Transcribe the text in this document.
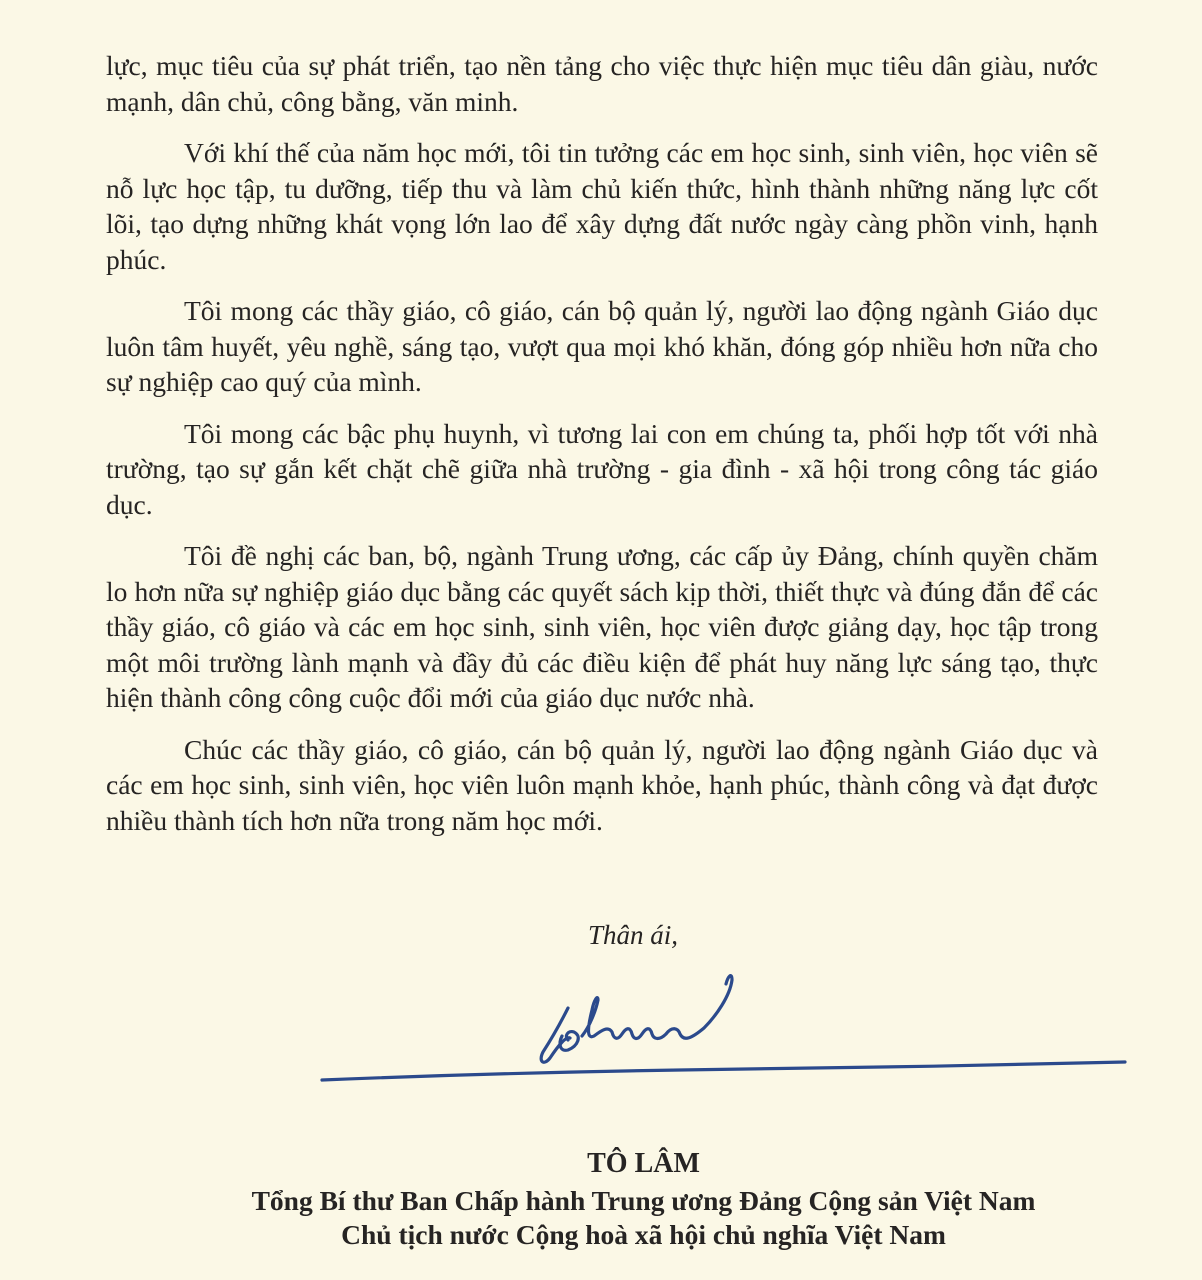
lực, mục tiêu của sự phát triển, tạo nền tảng cho việc thực hiện mục tiêu dân giàu, nước mạnh, dân chủ, công bằng, văn minh.

Với khí thế của năm học mới, tôi tin tưởng các em học sinh, sinh viên, học viên sẽ nỗ lực học tập, tu dưỡng, tiếp thu và làm chủ kiến thức, hình thành những năng lực cốt lõi, tạo dựng những khát vọng lớn lao để xây dựng đất nước ngày càng phồn vinh, hạnh phúc.

Tôi mong các thầy giáo, cô giáo, cán bộ quản lý, người lao động ngành Giáo dục luôn tâm huyết, yêu nghề, sáng tạo, vượt qua mọi khó khăn, đóng góp nhiều hơn nữa cho sự nghiệp cao quý của mình.

Tôi mong các bậc phụ huynh, vì tương lai con em chúng ta, phối hợp tốt với nhà trường, tạo sự gắn kết chặt chẽ giữa nhà trường - gia đình - xã hội trong công tác giáo dục.

Tôi đề nghị các ban, bộ, ngành Trung ương, các cấp ủy Đảng, chính quyền chăm lo hơn nữa sự nghiệp giáo dục bằng các quyết sách kịp thời, thiết thực và đúng đắn để các thầy giáo, cô giáo và các em học sinh, sinh viên, học viên được giảng dạy, học tập trong một môi trường lành mạnh và đầy đủ các điều kiện để phát huy năng lực sáng tạo, thực hiện thành công công cuộc đổi mới của giáo dục nước nhà.

Chúc các thầy giáo, cô giáo, cán bộ quản lý, người lao động ngành Giáo dục và các em học sinh, sinh viên, học viên luôn mạnh khỏe, hạnh phúc, thành công và đạt được nhiều thành tích hơn nữa trong năm học mới.

Thân ái,
TÔ LÂM
Tổng Bí thư Ban Chấp hành Trung ương Đảng Cộng sản Việt Nam
Chủ tịch nước Cộng hoà xã hội chủ nghĩa Việt Nam
